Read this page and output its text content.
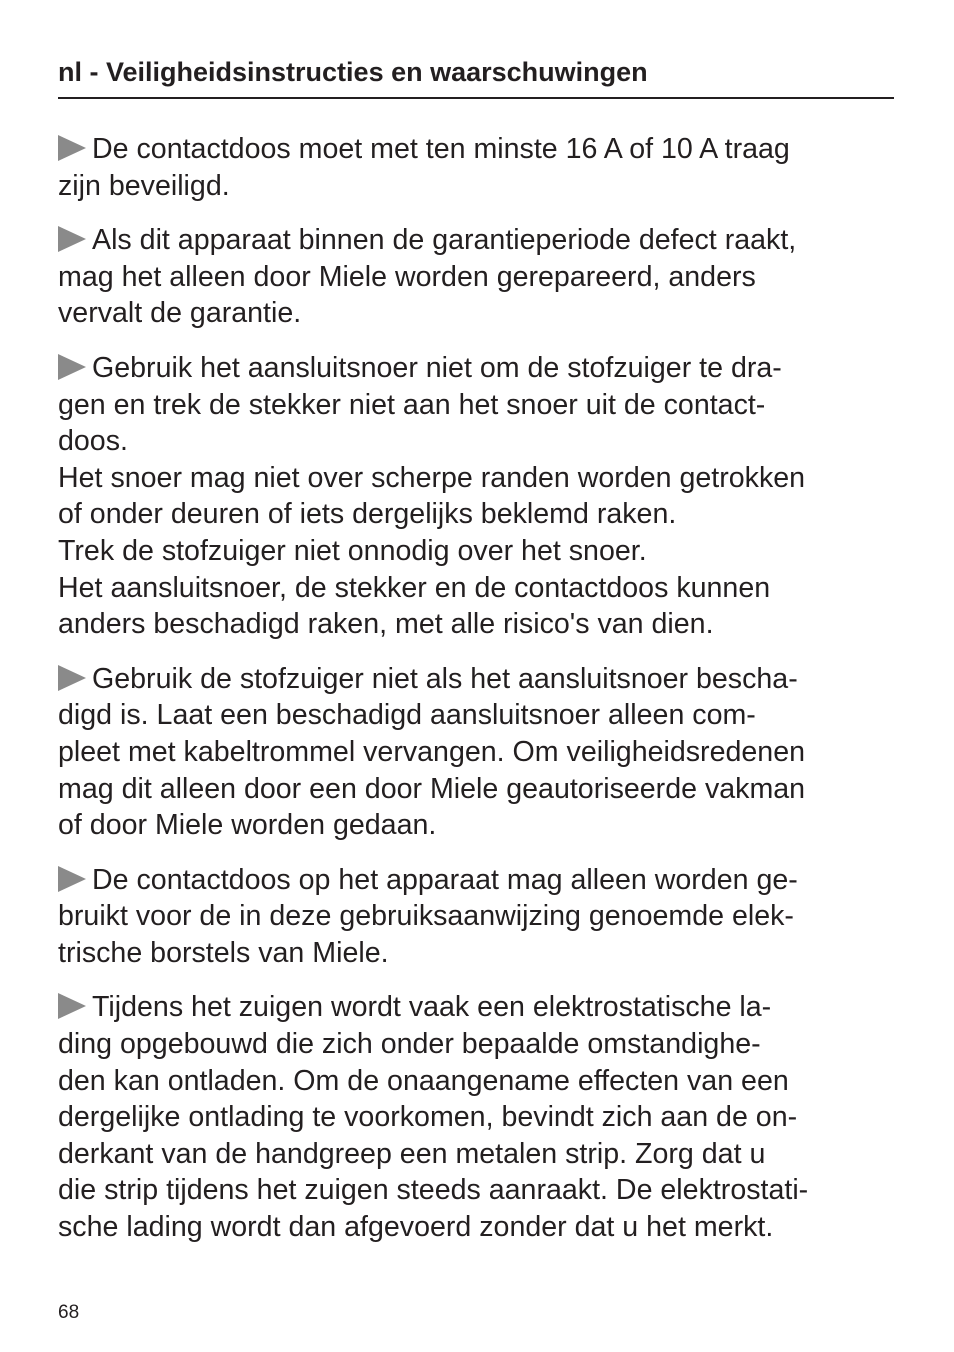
nl - Veiligheidsinstructies en waarschuwingen

De contactdoos moet met ten minste 16 A of 10 A traag
zijn beveiligd.

Als dit apparaat binnen de garantieperiode defect raakt,
mag het alleen door Miele worden gerepareerd, anders
vervalt de garantie.

Gebruik het aansluitsnoer niet om de stofzuiger te dra-
gen en trek de stekker niet aan het snoer uit de contact-
doos.
Het snoer mag niet over scherpe randen worden getrokken
of onder deuren of iets dergelijks beklemd raken.
Trek de stofzuiger niet onnodig over het snoer.
Het aansluitsnoer, de stekker en de contactdoos kunnen
anders beschadigd raken, met alle risico's van dien.

Gebruik de stofzuiger niet als het aansluitsnoer bescha-
digd is. Laat een beschadigd aansluitsnoer alleen com-
pleet met kabeltrommel vervangen. Om veiligheidsredenen
mag dit alleen door een door Miele geautoriseerde vakman
of door Miele worden gedaan.

De contactdoos op het apparaat mag alleen worden ge-
bruikt voor de in deze gebruiksaanwijzing genoemde elek-
trische borstels van Miele.

Tijdens het zuigen wordt vaak een elektrostatische la-
ding opgebouwd die zich onder bepaalde omstandighe-
den kan ontladen. Om de onaangename effecten van een
dergelijke ontlading te voorkomen, bevindt zich aan de on-
derkant van de handgreep een metalen strip. Zorg dat u
die strip tijdens het zuigen steeds aanraakt. De elektrostati-
sche lading wordt dan afgevoerd zonder dat u het merkt.

68
